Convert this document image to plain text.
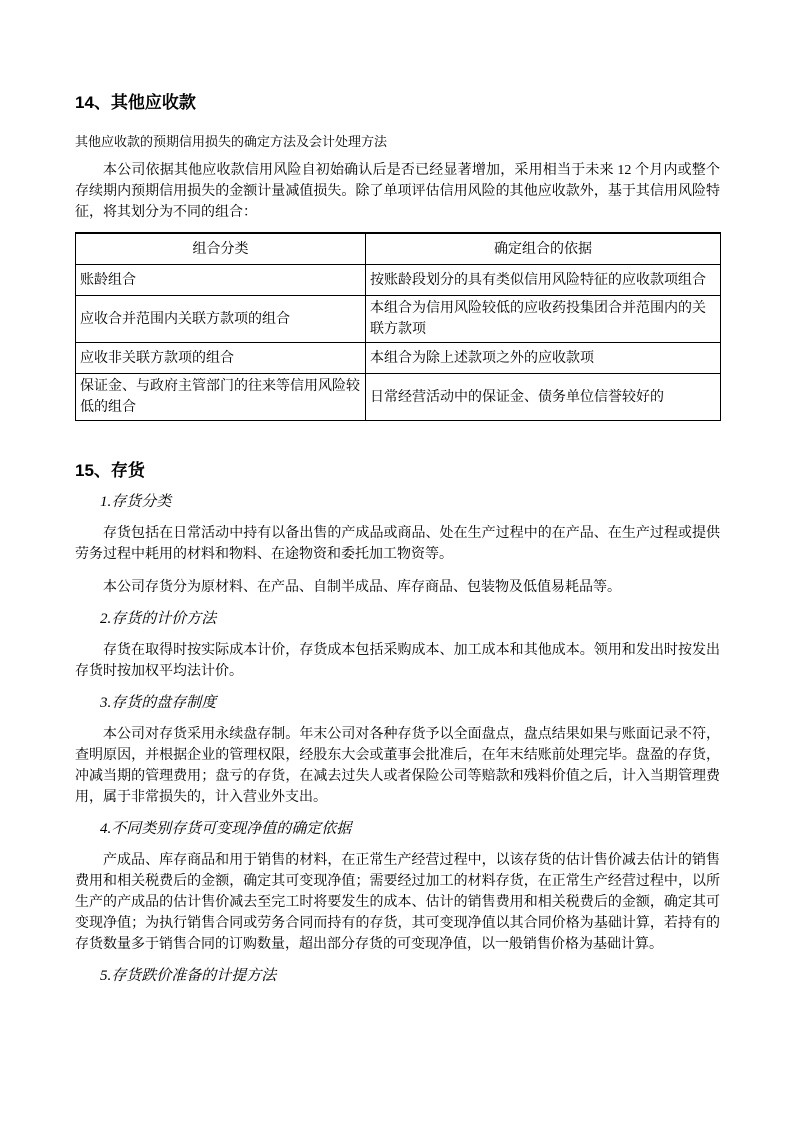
14、其他应收款
其他应收款的预期信用损失的确定方法及会计处理方法

本公司依据其他应收款信用风险自初始确认后是否已经显著增加，采用相当于未来 12 个月内或整个存续期内预期信用损失的金额计量减值损失。除了单项评估信用风险的其他应收款外，基于其信用风险特征，将其划分为不同的组合：

组合分类	确定组合的依据
账龄组合	按账龄段划分的具有类似信用风险特征的应收款项组合
应收合并范围内关联方款项的组合	本组合为信用风险较低的应收药投集团合并范围内的关联方款项
应收非关联方款项的组合	本组合为除上述款项之外的应收款项
保证金、与政府主管部门的往来等信用风险较低的组合	日常经营活动中的保证金、债务单位信誉较好的
15、存货
1.存货分类

存货包括在日常活动中持有以备出售的产成品或商品、处在生产过程中的在产品、在生产过程或提供劳务过程中耗用的材料和物料、在途物资和委托加工物资等。

本公司存货分为原材料、在产品、自制半成品、库存商品、包装物及低值易耗品等。

2.存货的计价方法

存货在取得时按实际成本计价，存货成本包括采购成本、加工成本和其他成本。领用和发出时按发出存货时按加权平均法计价。

3.存货的盘存制度

本公司对存货采用永续盘存制。年末公司对各种存货予以全面盘点，盘点结果如果与账面记录不符，查明原因，并根据企业的管理权限，经股东大会或董事会批准后，在年末结账前处理完毕。盘盈的存货，冲减当期的管理费用；盘亏的存货，在减去过失人或者保险公司等赔款和残料价值之后，计入当期管理费用，属于非常损失的，计入营业外支出。

4.不同类别存货可变现净值的确定依据

产成品、库存商品和用于销售的材料，在正常生产经营过程中，以该存货的估计售价减去估计的销售费用和相关税费后的金额，确定其可变现净值；需要经过加工的材料存货，在正常生产经营过程中，以所生产的产成品的估计售价减去至完工时将要发生的成本、估计的销售费用和相关税费后的金额，确定其可变现净值；为执行销售合同或劳务合同而持有的存货，其可变现净值以其合同价格为基础计算，若持有的存货数量多于销售合同的订购数量，超出部分存货的可变现净值，以一般销售价格为基础计算。

5.存货跌价准备的计提方法
